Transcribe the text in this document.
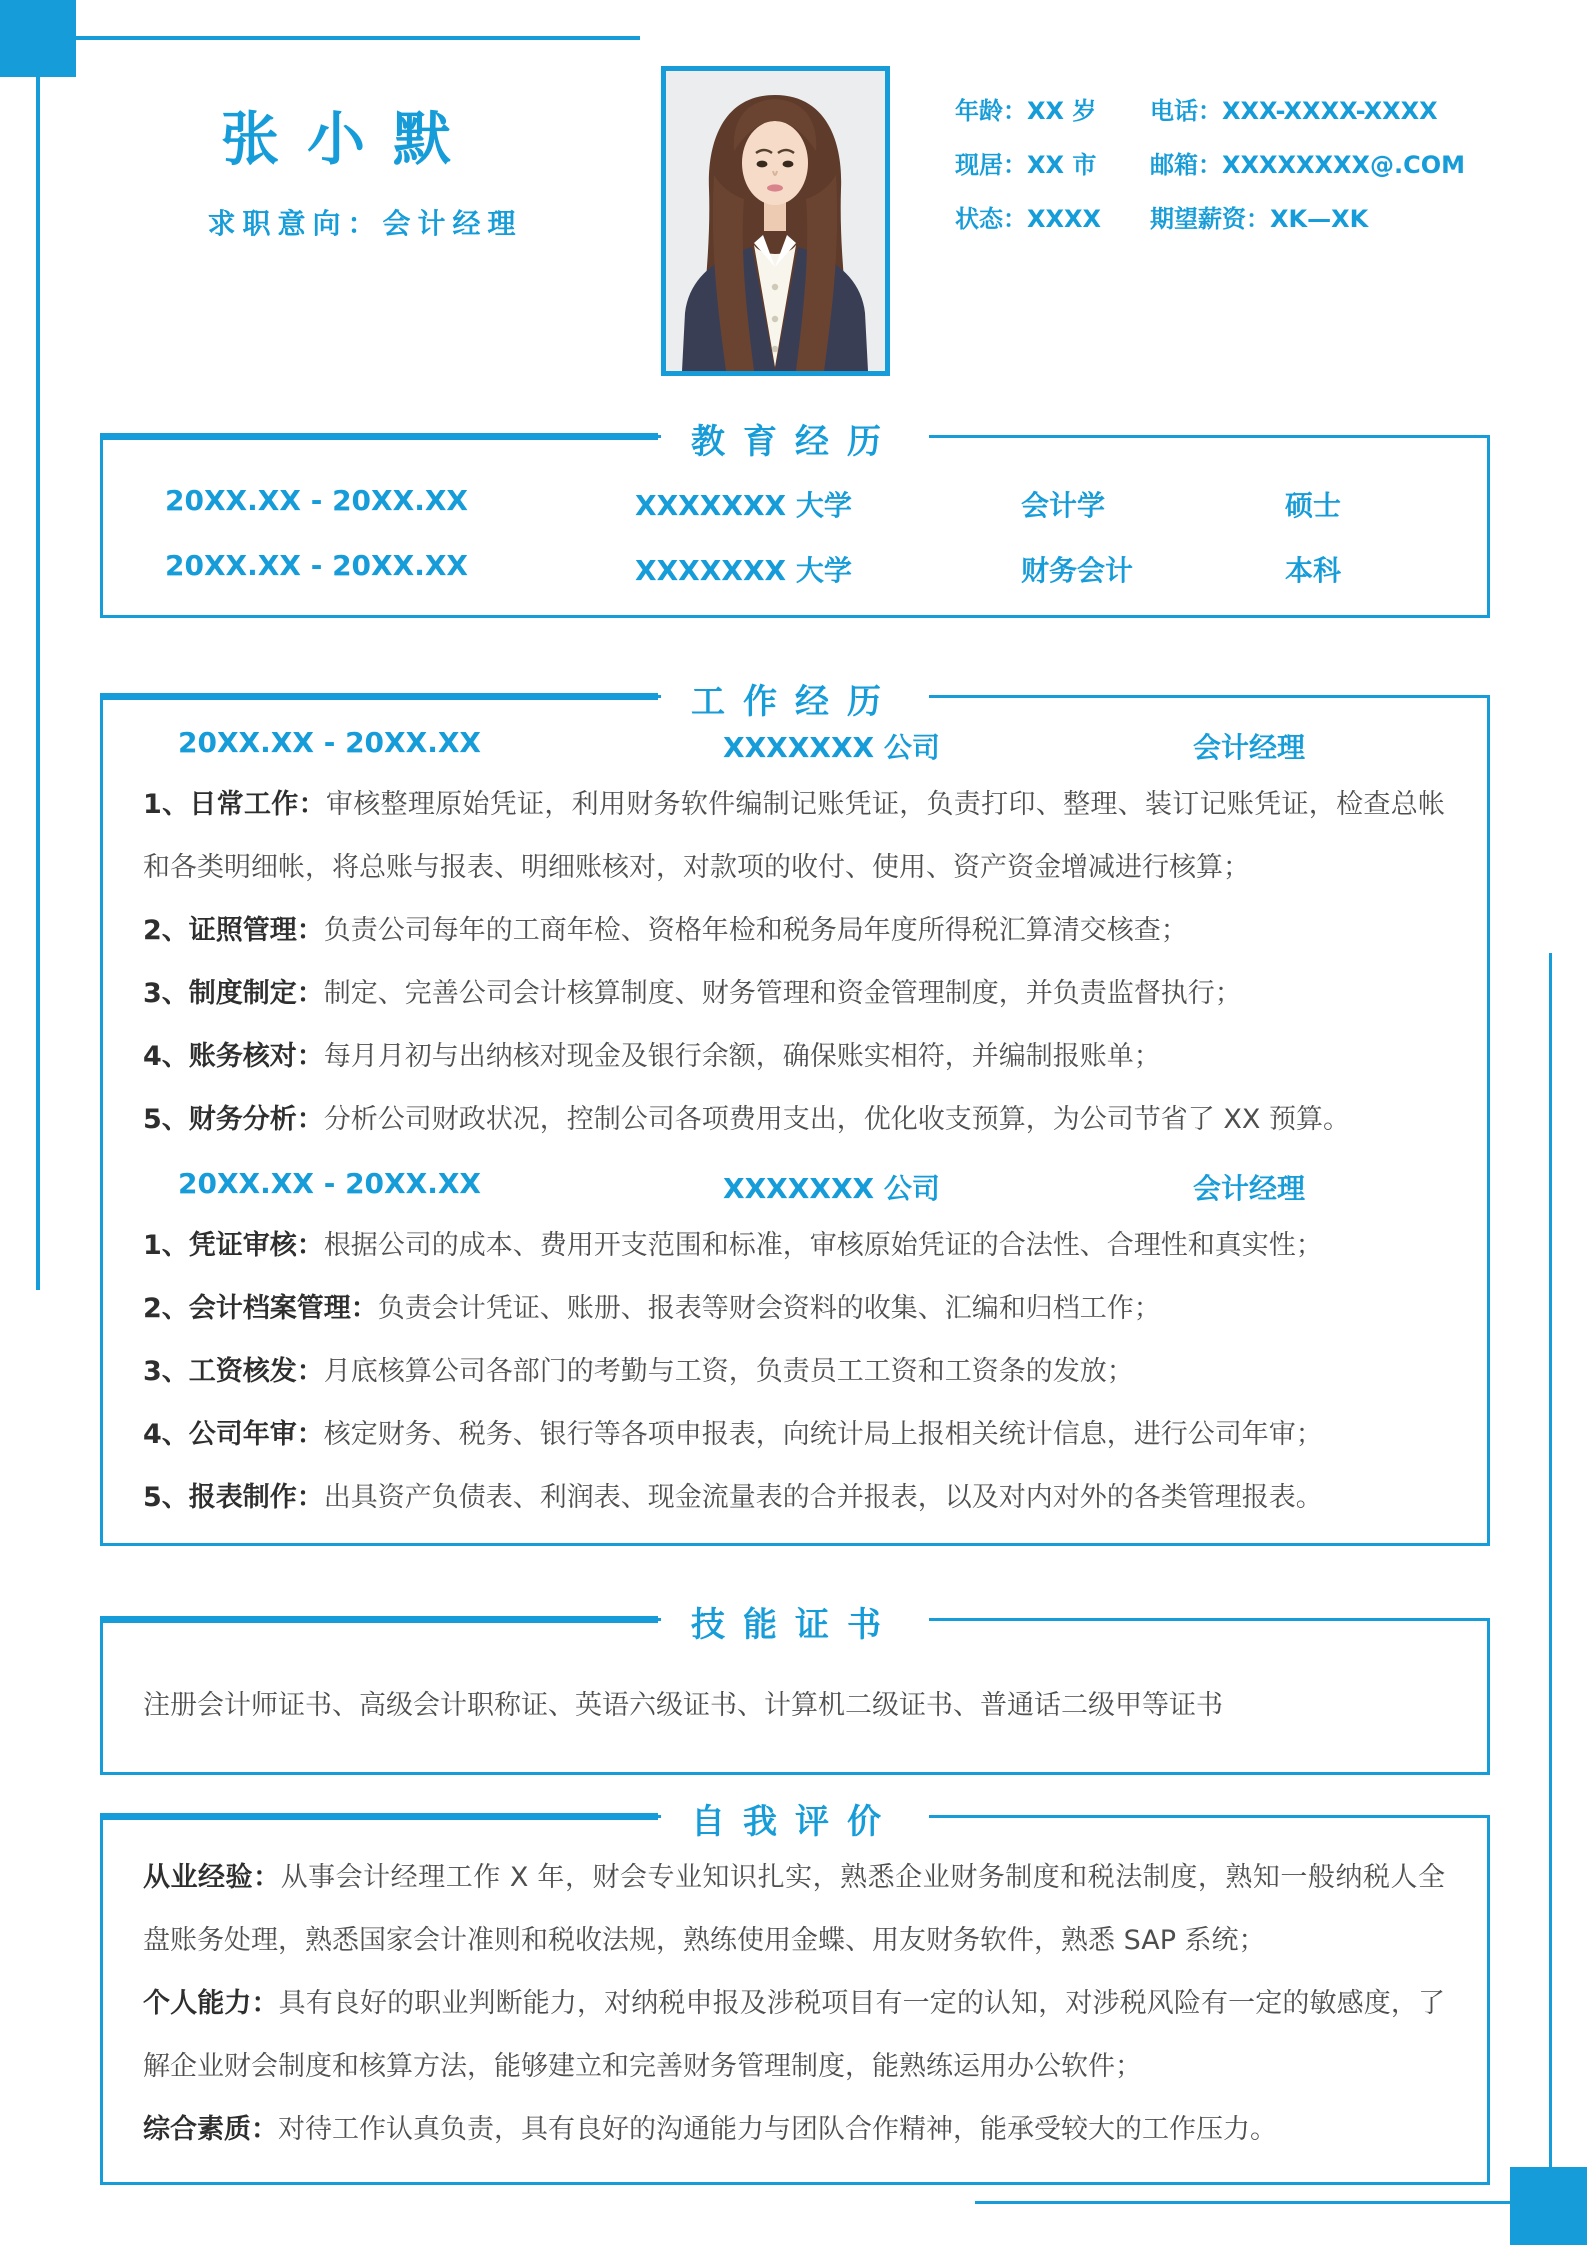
张小默
求职意向：会计经理
年龄：XX 岁	电话：XXX-XXXX-XXXX
现居：XX 市	邮箱：XXXXXXXX@.COM
状态：XXXX	期望薪资：XK—XK
教育经历
20XX.XX - 20XX.XX	XXXXXXX 大学	会计学	硕士
20XX.XX - 20XX.XX	XXXXXXX 大学	财务会计	本科
工作经历
20XX.XX - 20XX.XX	XXXXXXX 公司	会计经理

1、日常工作：审核整理原始凭证，利用财务软件编制记账凭证，负责打印、整理、装订记账凭证，检查总帐和各类明细帐，将总账与报表、明细账核对，对款项的收付、使用、资产资金增减进行核算；

2、证照管理：负责公司每年的工商年检、资格年检和税务局年度所得税汇算清交核查；

3、制度制定：制定、完善公司会计核算制度、财务管理和资金管理制度，并负责监督执行；

4、账务核对：每月月初与出纳核对现金及银行余额，确保账实相符，并编制报账单；

5、财务分析：分析公司财政状况，控制公司各项费用支出，优化收支预算，为公司节省了 XX 预算。

20XX.XX - 20XX.XX	XXXXXXX 公司	会计经理

1、凭证审核：根据公司的成本、费用开支范围和标准，审核原始凭证的合法性、合理性和真实性；

2、会计档案管理：负责会计凭证、账册、报表等财会资料的收集、汇编和归档工作；

3、工资核发：月底核算公司各部门的考勤与工资，负责员工工资和工资条的发放；

4、公司年审：核定财务、税务、银行等各项申报表，向统计局上报相关统计信息，进行公司年审；

5、报表制作：出具资产负债表、利润表、现金流量表的合并报表，以及对内对外的各类管理报表。

技能证书
注册会计师证书、高级会计职称证、英语六级证书、计算机二级证书、普通话二级甲等证书
自我评价

从业经验：从事会计经理工作 X 年，财会专业知识扎实，熟悉企业财务制度和税法制度，熟知一般纳税人全盘账务处理，熟悉国家会计准则和税收法规，熟练使用金蝶、用友财务软件，熟悉 SAP 系统；

个人能力：具有良好的职业判断能力，对纳税申报及涉税项目有一定的认知，对涉税风险有一定的敏感度，了解企业财会制度和核算方法，能够建立和完善财务管理制度，能熟练运用办公软件；

综合素质：对待工作认真负责，具有良好的沟通能力与团队合作精神，能承受较大的工作压力。
